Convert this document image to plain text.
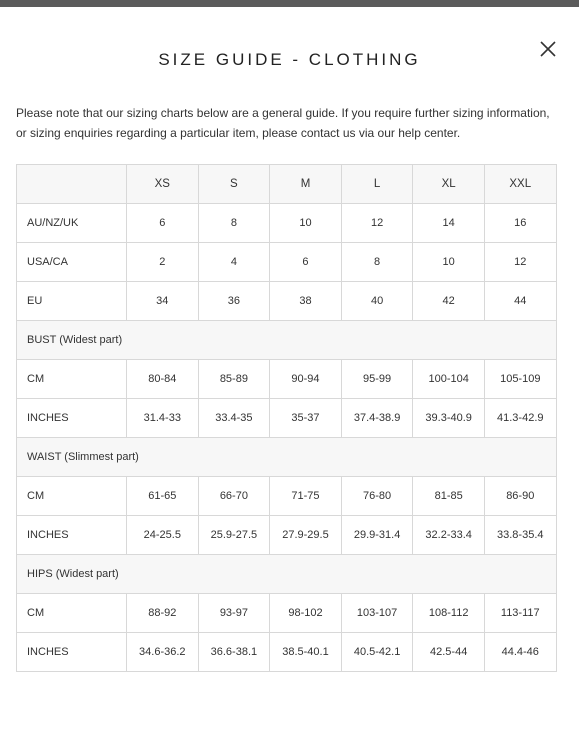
SIZE GUIDE - CLOTHING
Please note that our sizing charts below are a general guide. If you require further sizing information, or sizing enquiries regarding a particular item, please contact us via our help center.
	XS	S	M	L	XL	XXL
AU/NZ/UK	6	8	10	12	14	16
USA/CA	2	4	6	8	10	12
EU	34	36	38	40	42	44
BUST (Widest part)						
CM	80-84	85-89	90-94	95-99	100-104	105-109
INCHES	31.4-33	33.4-35	35-37	37.4-38.9	39.3-40.9	41.3-42.9
WAIST (Slimmest part)						
CM	61-65	66-70	71-75	76-80	81-85	86-90
INCHES	24-25.5	25.9-27.5	27.9-29.5	29.9-31.4	32.2-33.4	33.8-35.4
HIPS (Widest part)						
CM	88-92	93-97	98-102	103-107	108-112	113-117
INCHES	34.6-36.2	36.6-38.1	38.5-40.1	40.5-42.1	42.5-44	44.4-46
